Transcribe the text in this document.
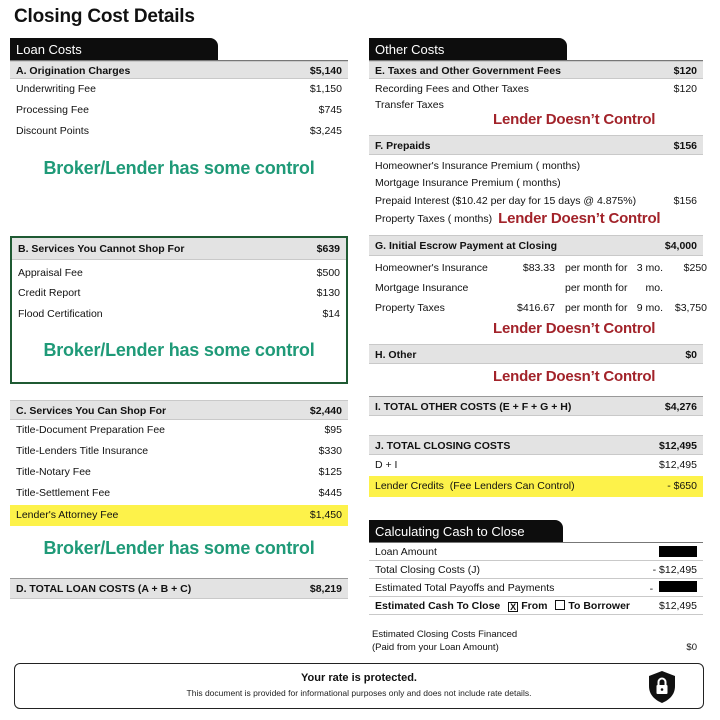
Closing Cost Details
Loan Costs
A. Origination Charges	$5,140
Underwriting Fee	$1,150
Processing Fee	$745
Discount Points	$3,245
Broker/Lender has some control
B. Services You Cannot Shop For	$639
Appraisal Fee	$500
Credit Report	$130
Flood Certification	$14
Broker/Lender has some control
C. Services You Can Shop For	$2,440
Title-Document Preparation Fee	$95
Title-Lenders Title Insurance	$330
Title-Notary Fee	$125
Title-Settlement Fee	$445
Lender's Attorney Fee	$1,450
Broker/Lender has some control
D. TOTAL LOAN COSTS (A + B + C)	$8,219
Other Costs
E. Taxes and Other Government Fees	$120
Recording Fees and Other Taxes	$120
Transfer Taxes
Lender Doesn’t Control
F. Prepaids	$156
Homeowner's Insurance Premium ( months)
Mortgage Insurance Premium ( months)
Prepaid Interest ($10.42 per day for 15 days @ 4.875%)	$156
Property Taxes ( months) Lender Doesn’t Control
G. Initial Escrow Payment at Closing	$4,000
Homeowner's Insurance	$83.33 per month for 3 mo.	$250
Mortgage Insurance	per month for	mo.
Property Taxes	$416.67 per month for 9 mo.	$3,750
Lender Doesn’t Control
H. Other	$0
Lender Doesn’t Control
I. TOTAL OTHER COSTS (E + F + G + H)	$4,276
J. TOTAL CLOSING COSTS	$12,495
D + I	$12,495
Lender Credits (Fee Lenders Can Control)	- $650
Calculating Cash to Close
Loan Amount
Total Closing Costs (J)	- $12,495
Estimated Total Payoffs and Payments	-
Estimated Cash To Close X From To Borrower	$12,495
Estimated Closing Costs Financed
(Paid from your Loan Amount)	$0
Your rate is protected.
This document is provided for informational purposes only and does not include rate details.
